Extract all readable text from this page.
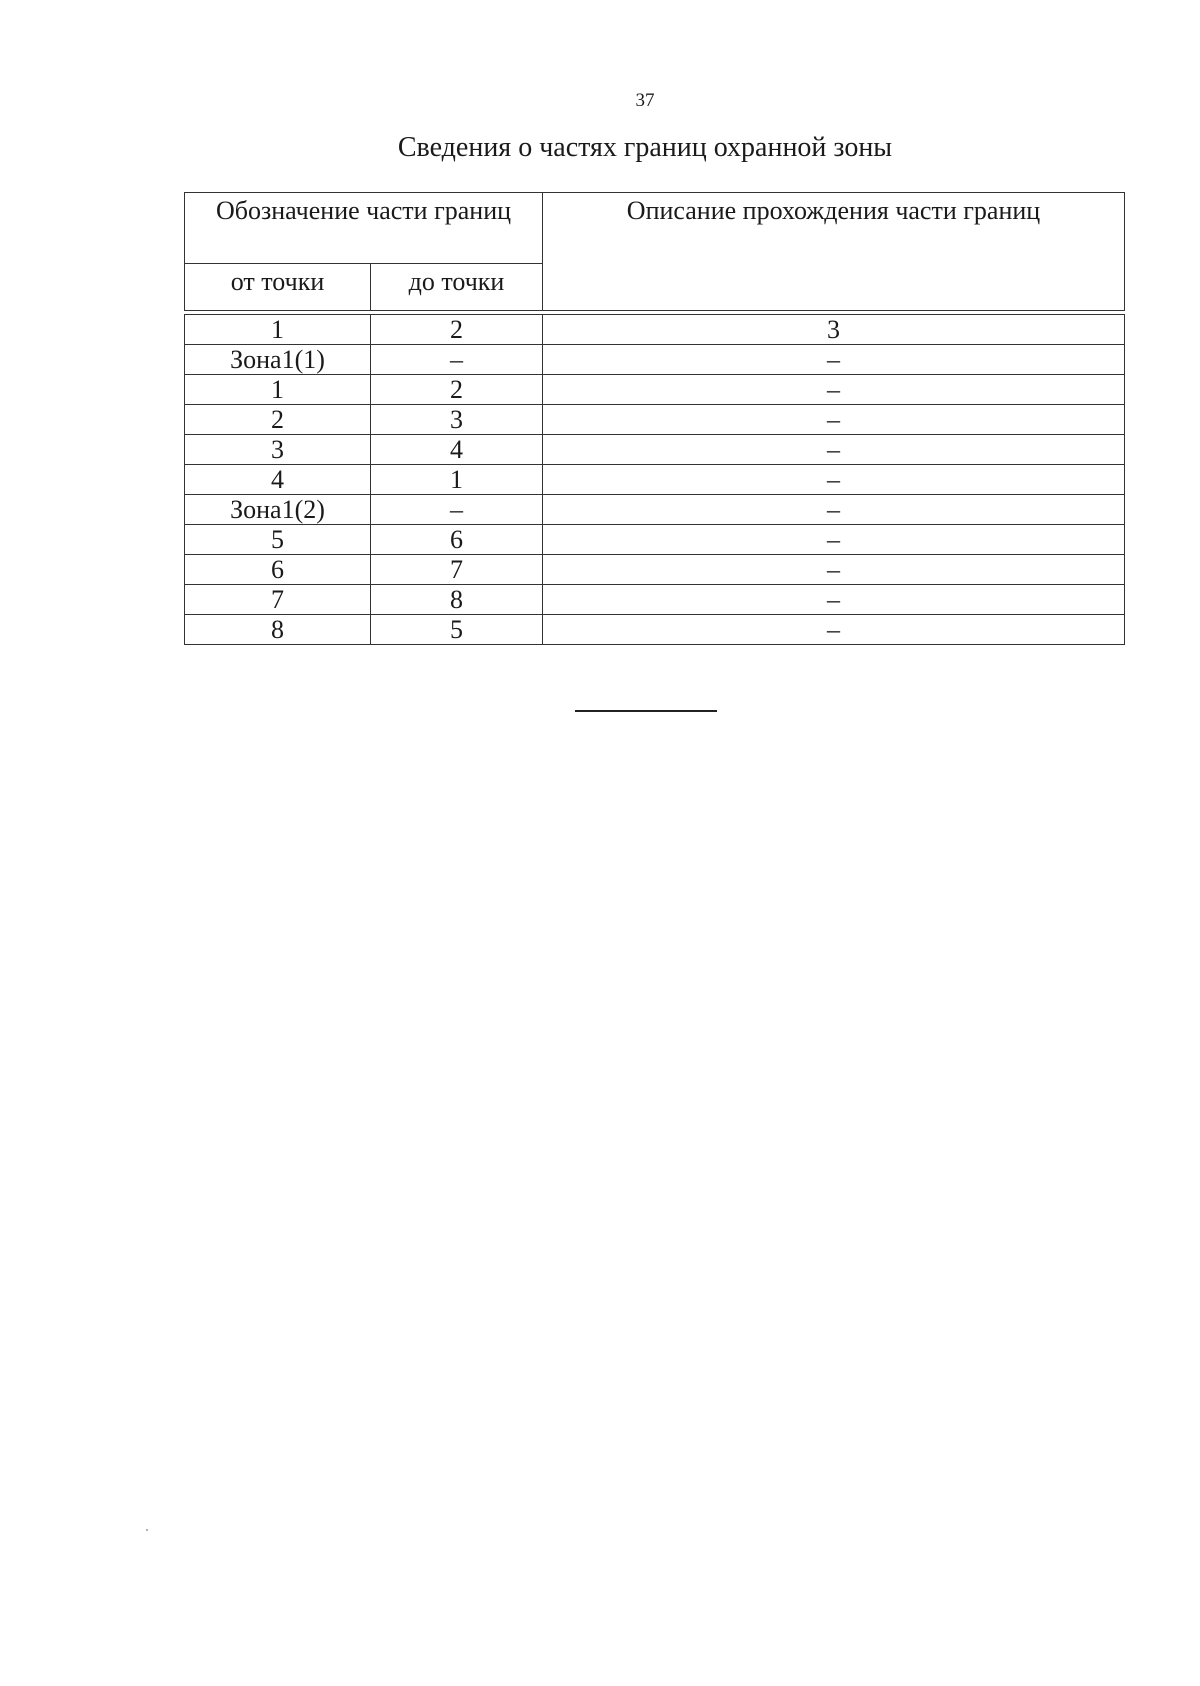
37
Сведения о частях границ охранной зоны
Обозначение части границ		Описание прохождения части границ
от точки	до точки	

1	2	3
Зона1(1)	–	–
1	2	–
2	3	–
3	4	–
4	1	–
Зона1(2)	–	–
5	6	–
6	7	–
7	8	–
8	5	–
